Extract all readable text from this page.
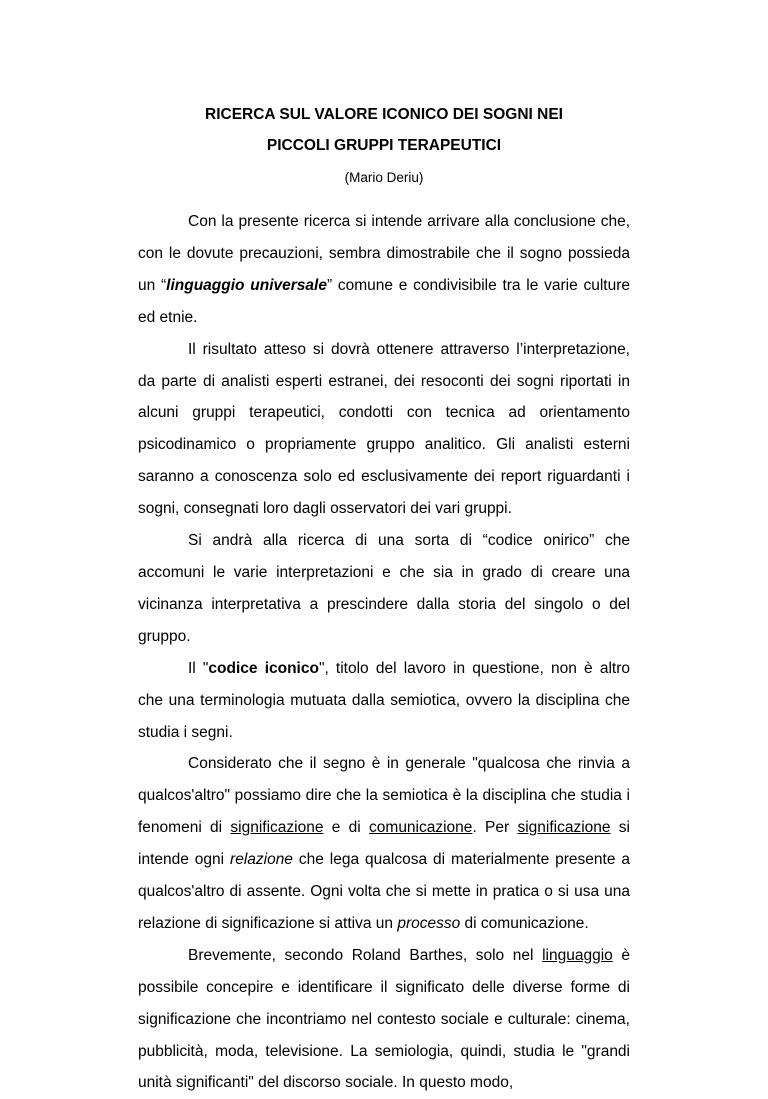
RICERCA SUL VALORE ICONICO DEI SOGNI NEI
PICCOLI GRUPPI TERAPEUTICI
(Mario Deriu)

Con la presente ricerca si intende arrivare alla conclusione che, con le dovute precauzioni, sembra dimostrabile che il sogno possieda un “linguaggio universale” comune e condivisibile tra le varie culture ed etnie.

Il risultato atteso si dovrà ottenere attraverso l’interpretazione, da parte di analisti esperti estranei, dei resoconti dei sogni riportati in alcuni gruppi terapeutici, condotti con tecnica ad orientamento psicodinamico o propriamente gruppo analitico. Gli analisti esterni saranno a conoscenza solo ed esclusivamente dei report riguardanti i sogni, consegnati loro dagli osservatori dei vari gruppi.

Si andrà alla ricerca di una sorta di “codice onirico” che accomuni le varie interpretazioni e che sia in grado di creare una vicinanza interpretativa a prescindere dalla storia del singolo o del gruppo.

Il "codice iconico", titolo del lavoro in questione, non è altro che una terminologia mutuata dalla semiotica, ovvero la disciplina che studia i segni.

Considerato che il segno è in generale "qualcosa che rinvia a qualcos'altro" possiamo dire che la semiotica è la disciplina che studia i fenomeni di significazione e di comunicazione. Per significazione si intende ogni relazione che lega qualcosa di materialmente presente a qualcos'altro di assente. Ogni volta che si mette in pratica o si usa una relazione di significazione si attiva un processo di comunicazione.

Brevemente, secondo Roland Barthes, solo nel linguaggio è possibile concepire e identificare il significato delle diverse forme di significazione che incontriamo nel contesto sociale e culturale: cinema, pubblicità, moda, televisione. La semiologia, quindi, studia le "grandi unità significanti" del discorso sociale. In questo modo,
